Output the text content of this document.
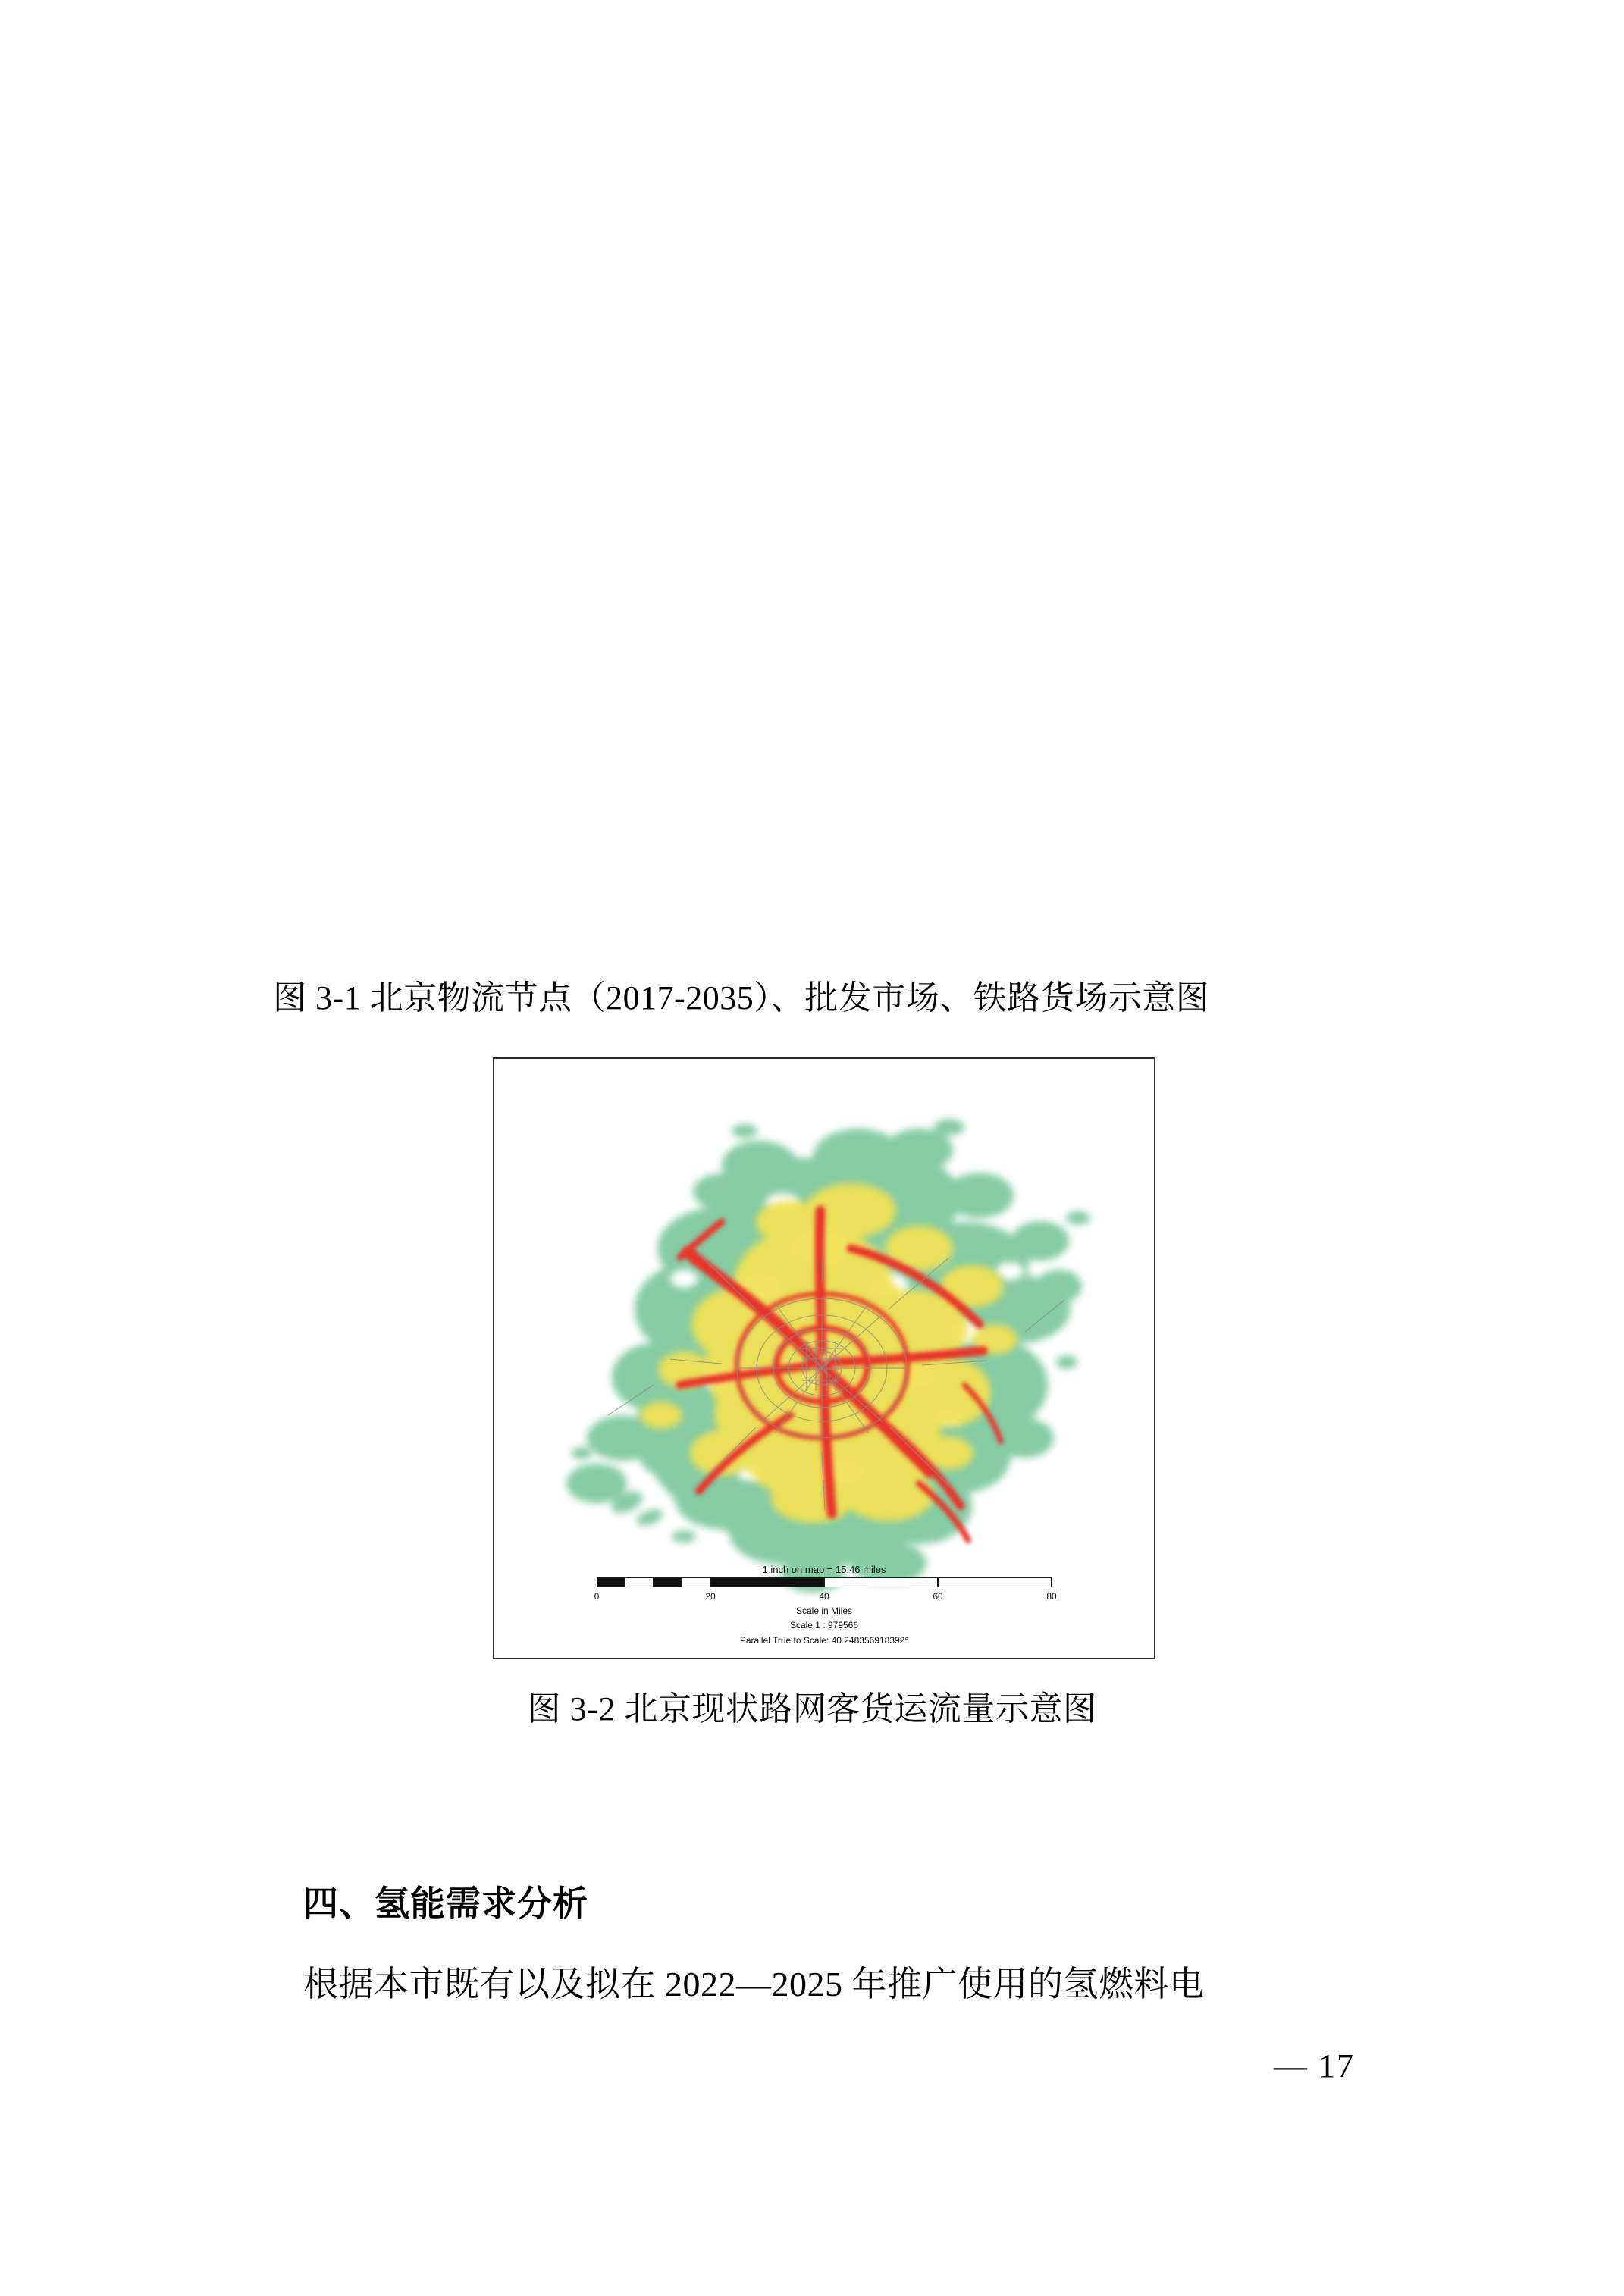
图 3-1 北京物流节点（2017-2035）、批发市场、铁路货场示意图
1 inch on map = 15.46 miles
0	20	40	60	80
Scale in Miles
Scale 1 : 979566
Parallel True to Scale: 40.248356918392°
图 3-2 北京现状路网客货运流量示意图
四、氢能需求分析
根据本市既有以及拟在 2022—2025 年推广使用的氢燃料电
— 17
